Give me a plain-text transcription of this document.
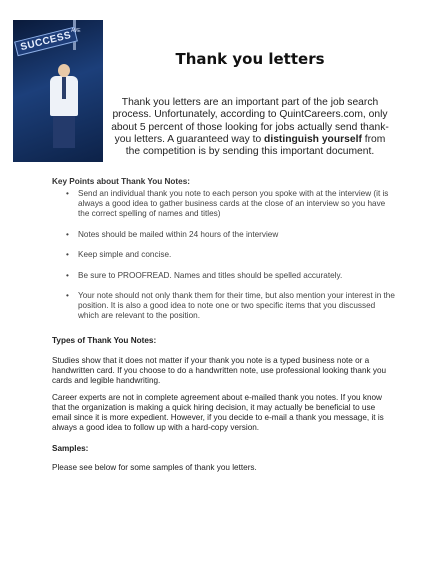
SUCCESS
AVE
Thank you letters
Thank you letters are an important part of the job search process. Unfortunately, according to QuintCareers.com, only about 5 percent of those looking for jobs actually send thank-you letters. A guaranteed way to distinguish yourself from the competition is by sending this important document.
Key Points about Thank You Notes:
• Send an individual thank you note to each person you spoke with at the interview (it is always a good idea to gather business cards at the close of an interview so you have the correct spelling of names and titles)
• Notes should be mailed within 24 hours of the interview
• Keep simple and concise.
• Be sure to PROOFREAD. Names and titles should be spelled accurately.
• Your note should not only thank them for their time, but also mention your interest in the position. It is also a good idea to note one or two specific items that you discussed which are relevant to the position.
Types of Thank You Notes:
Studies show that it does not matter if your thank you note is a typed business note or a handwritten card. If you choose to do a handwritten note, use professional looking thank you cards and legible handwriting.
Career experts are not in complete agreement about e-mailed thank you notes. If you know that the organization is making a quick hiring decision, it may actually be beneficial to use email since it is more expedient. However, if you decide to e-mail a thank you message, it is always a good idea to follow up with a hard-copy version.
Samples:
Please see below for some samples of thank you letters.
